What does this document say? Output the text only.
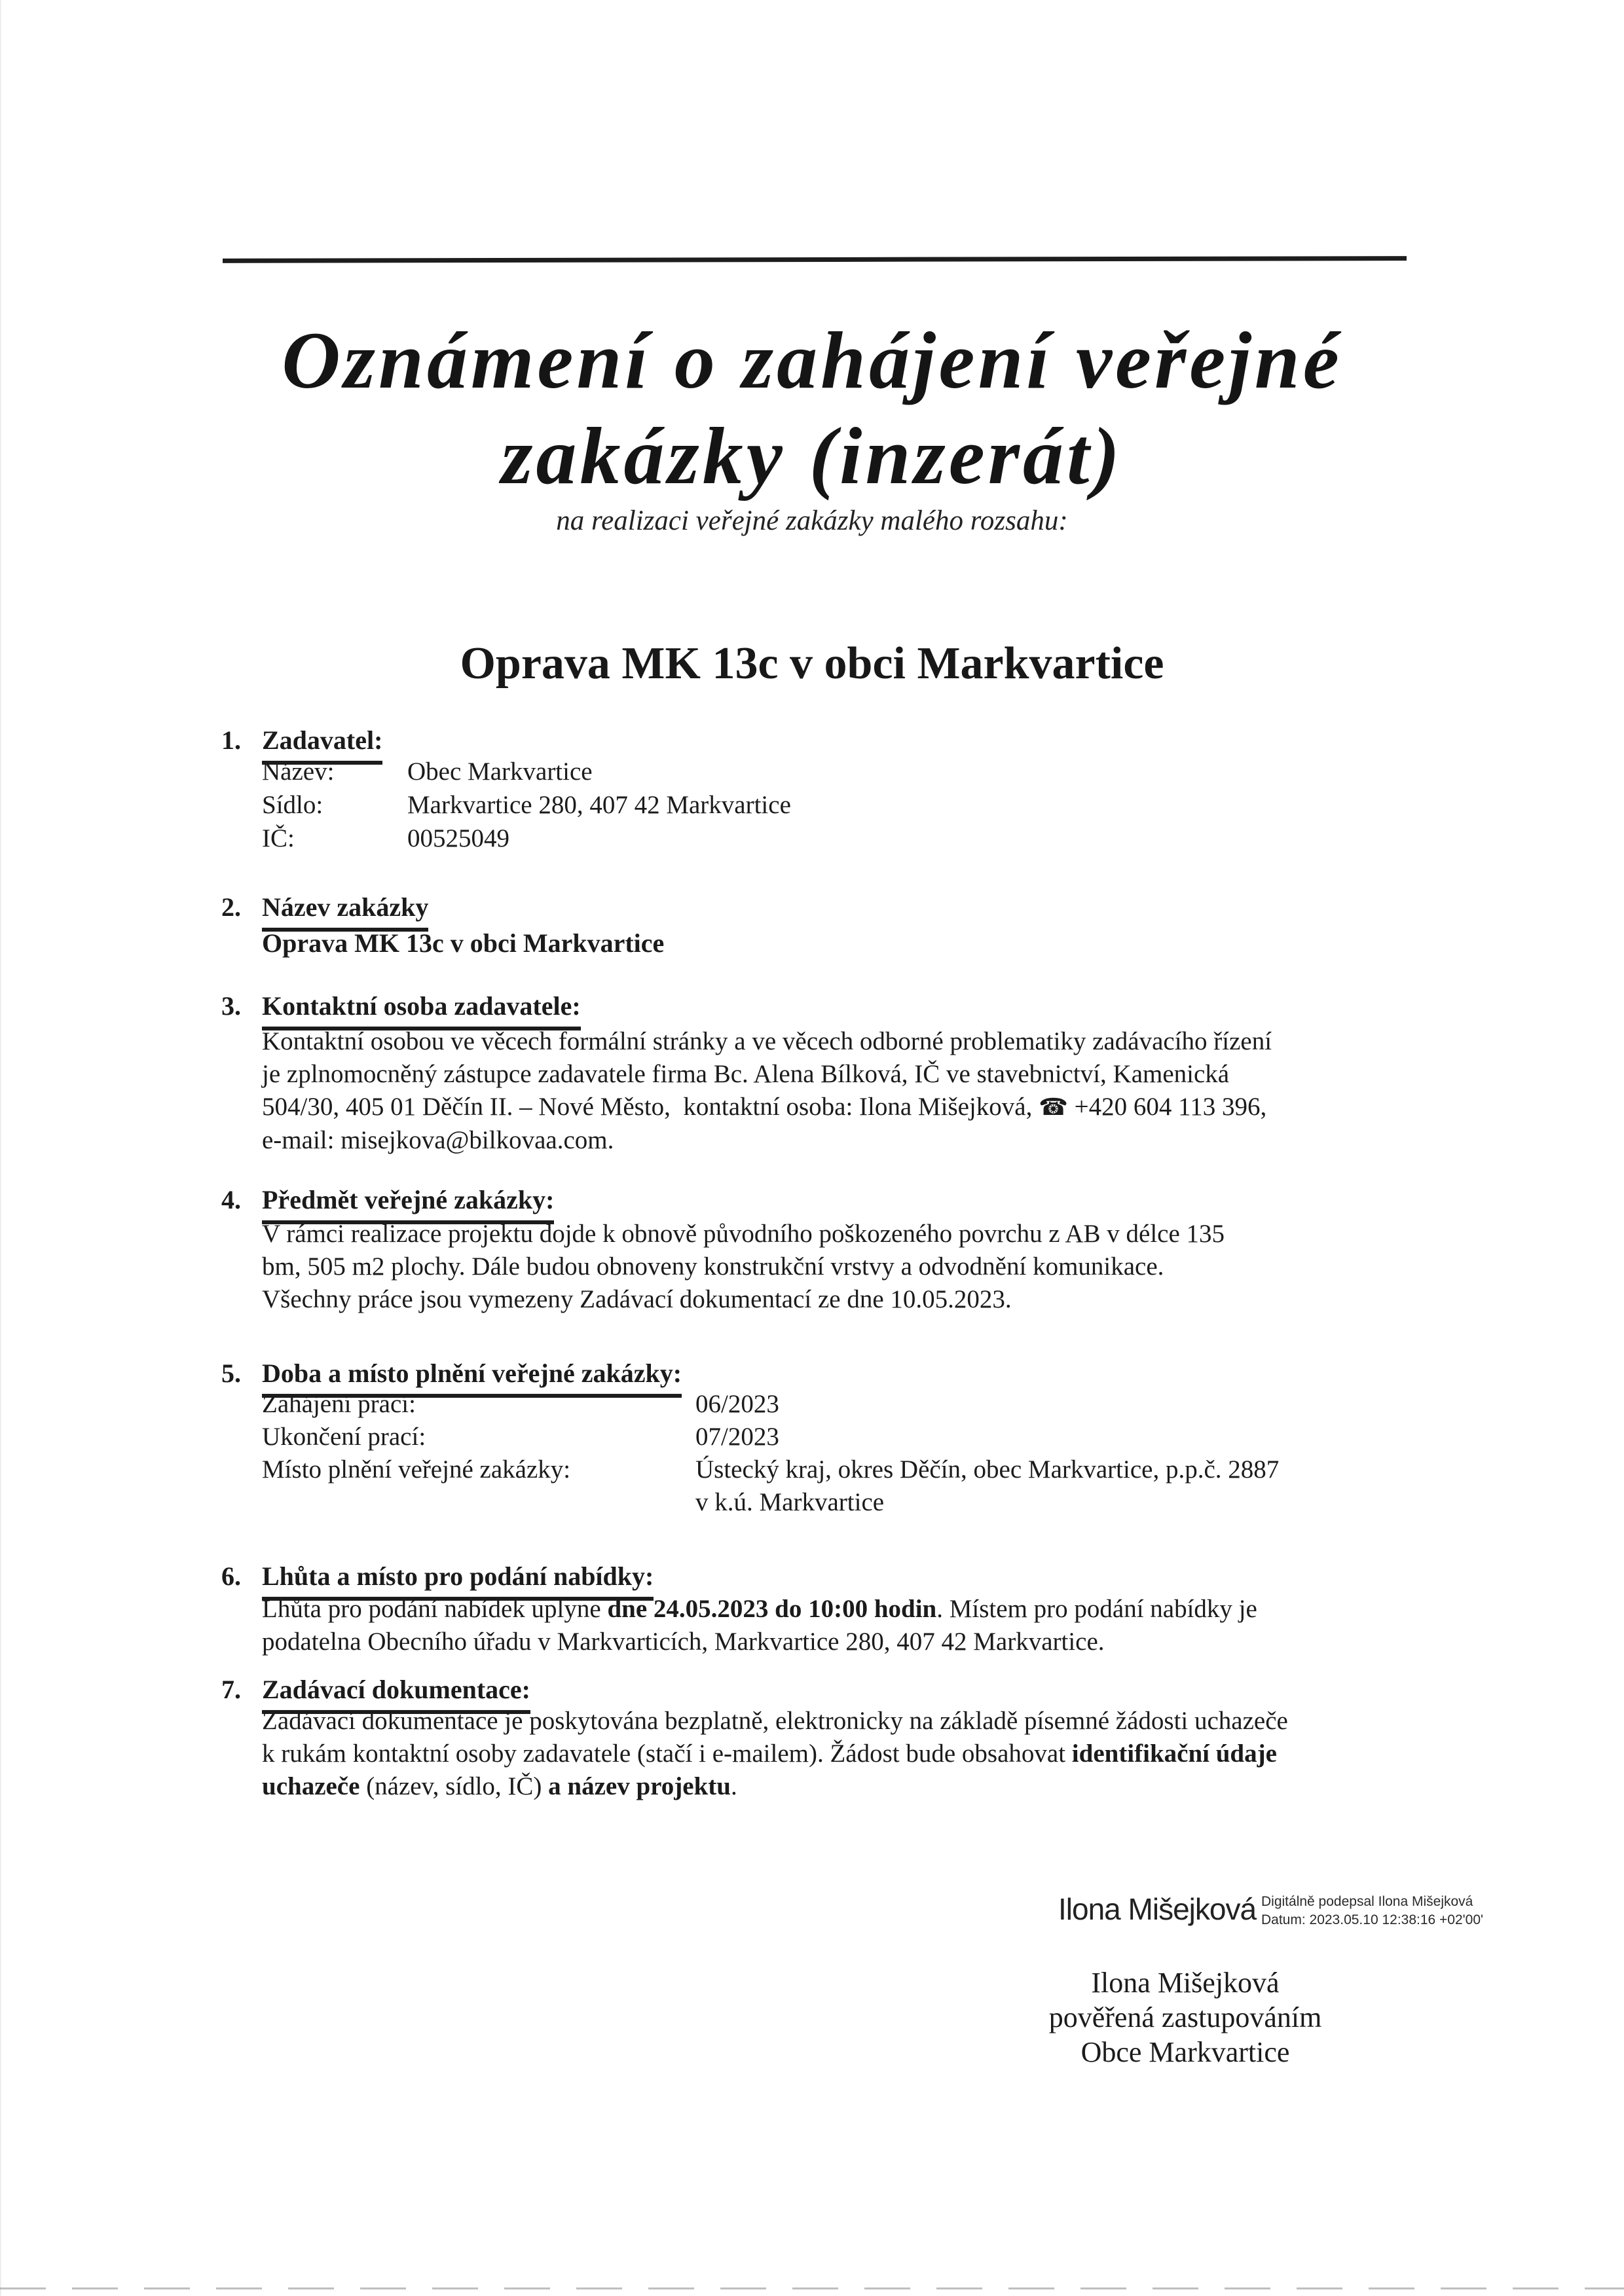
Oznámení o zahájení veřejné
zakázky (inzerát)
na realizaci veřejné zakázky malého rozsahu:
Oprava MK 13c v obci Markvartice
1. Zadavatel:
Název:	Obec Markvartice
Sídlo:	Markvartice 280, 407 42 Markvartice
IČ:	00525049
2. Název zakázky
Oprava MK 13c v obci Markvartice
3. Kontaktní osoba zadavatele:
Kontaktní osobou ve věcech formální stránky a ve věcech odborné problematiky zadávacího řízení
je zplnomocněný zástupce zadavatele firma Bc. Alena Bílková, IČ ve stavebnictví, Kamenická
504/30, 405 01 Děčín II. – Nové Město,  kontaktní osoba: Ilona Mišejková, ☎ +420 604 113 396,
e-mail: misejkova@bilkovaa.com.
4. Předmět veřejné zakázky:
V rámci realizace projektu dojde k obnově původního poškozeného povrchu z AB v délce 135
bm, 505 m2 plochy. Dále budou obnoveny konstrukční vrstvy a odvodnění komunikace.
Všechny práce jsou vymezeny Zadávací dokumentací ze dne 10.05.2023.
5. Doba a místo plnění veřejné zakázky:
Zahájení prací:	06/2023
Ukončení prací:	07/2023
Místo plnění veřejné zakázky:	Ústecký kraj, okres Děčín, obec Markvartice, p.p.č. 2887
v k.ú. Markvartice
6. Lhůta a místo pro podání nabídky:
Lhůta pro podání nabídek uplyne dne 24.05.2023 do 10:00 hodin. Místem pro podání nabídky je
podatelna Obecního úřadu v Markvarticích, Markvartice 280, 407 42 Markvartice.
7. Zadávací dokumentace:
Zadávací dokumentace je poskytována bezplatně, elektronicky na základě písemné žádosti uchazeče
k rukám kontaktní osoby zadavatele (stačí i e-mailem). Žádost bude obsahovat identifikační údaje
uchazeče (název, sídlo, IČ) a název projektu.
Ilona Mišejková Digitálně podepsal Ilona Mišejková
Datum: 2023.05.10 12:38:16 +02'00'
Ilona Mišejková
pověřená zastupováním
Obce Markvartice
